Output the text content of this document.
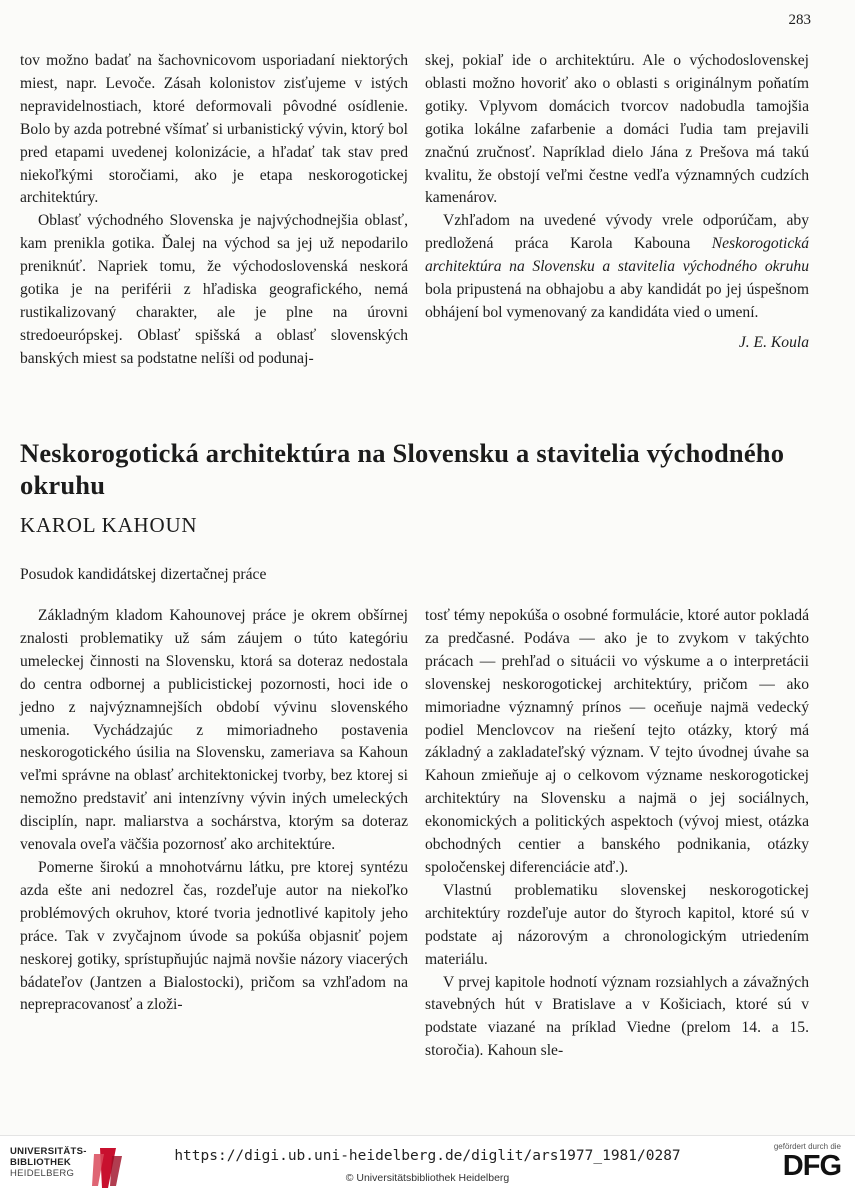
283

tov možno badať na šachovnicovom usporiadaní niektorých miest, napr. Levoče. Zásah kolonistov zisťujeme v istých nepravidelnostiach, ktoré deformovali pôvodné osídlenie. Bolo by azda potrebné všímať si urbanistický vývin, ktorý bol pred etapami uvedenej kolonizácie, a hľadať tak stav pred niekoľkými storočiami, ako je etapa neskorogotickej architektúry.

Oblasť východného Slovenska je najvýchodnejšia oblasť, kam prenikla gotika. Ďalej na východ sa jej už nepodarilo preniknúť. Napriek tomu, že východoslovenská neskorá gotika je na periférii z hľadiska geografického, nemá rustikalizovaný charakter, ale je plne na úrovni stredoeurópskej. Oblasť spišská a oblasť slovenských banských miest sa podstatne nelíši od podunaj-

skej, pokiaľ ide o architektúru. Ale o východoslovenskej oblasti možno hovoriť ako o oblasti s originálnym poňatím gotiky. Vplyvom domácich tvorcov nadobudla tamojšia gotika lokálne zafarbenie a domáci ľudia tam prejavili značnú zručnosť. Napríklad dielo Jána z Prešova má takú kvalitu, že obstojí veľmi čestne vedľa významných cudzích kamenárov.

Vzhľadom na uvedené vývody vrele odporúčam, aby predložená práca Karola Kabouna Neskorogotická architektúra na Slovensku a stavitelia východného okruhu bola pripustená na obhajobu a aby kandidát po jej úspešnom obhájení bol vymenovaný za kandidáta vied o umení.

J. E. Koula
Neskorogotická architektúra na Slovensku a stavitelia východného okruhu
KAROL KAHOUN
Posudok kandidátskej dizertačnej práce

Základným kladom Kahounovej práce je okrem obšírnej znalosti problematiky už sám záujem o túto kategóriu umeleckej činnosti na Slovensku, ktorá sa doteraz nedostala do centra odbornej a publicistickej pozornosti, hoci ide o jedno z najvýznamnejších období vývinu slovenského umenia. Vychádzajúc z mimoriadneho postavenia neskorogotického úsilia na Slovensku, zameriava sa Kahoun veľmi správne na oblasť architektonickej tvorby, bez ktorej si nemožno predstaviť ani intenzívny vývin iných umeleckých disciplín, napr. maliarstva a sochárstva, ktorým sa doteraz venovala oveľa väčšia pozornosť ako architektúre.

Pomerne širokú a mnohotvárnu látku, pre ktorej syntézu azda ešte ani nedozrel čas, rozdeľuje autor na niekoľko problémových okruhov, ktoré tvoria jednotlivé kapitoly jeho práce. Tak v zvyčajnom úvode sa pokúša objasniť pojem neskorej gotiky, sprístupňujúc najmä novšie názory viacerých bádateľov (Jantzen a Bialostocki), pričom sa vzhľadom na neprepracovanosť a zloži-

tosť témy nepokúša o osobné formulácie, ktoré autor pokladá za predčasné. Podáva — ako je to zvykom v takýchto prácach — prehľad o situácii vo výskume a o interpretácii slovenskej neskorogotickej architektúry, pričom — ako mimoriadne významný prínos — oceňuje najmä vedecký podiel Menclovcov na riešení tejto otázky, ktorý má základný a zakladateľský význam. V tejto úvodnej úvahe sa Kahoun zmieňuje aj o celkovom význame neskorogotickej architektúry na Slovensku a najmä o jej sociálnych, ekonomických a politických aspektoch (vývoj miest, otázka obchodných centier a banského podnikania, otázky spoločenskej diferenciácie atď.).

Vlastnú problematiku slovenskej neskorogotickej architektúry rozdeľuje autor do štyroch kapitol, ktoré sú v podstate aj názorovým a chronologickým utriedením materiálu.

V prvej kapitole hodnotí význam rozsiahlych a závažných stavebných hút v Bratislave a v Košiciach, ktoré sú v podstate viazané na príklad Viedne (prelom 14. a 15. storočia). Kahoun sle-

UNIVERSITÄTS-
BIBLIOTHEK
HEIDELBERG
https://digi.ub.uni-heidelberg.de/diglit/ars1977_1981/0287
© Universitätsbibliothek Heidelberg
gefördert durch die
DFG
